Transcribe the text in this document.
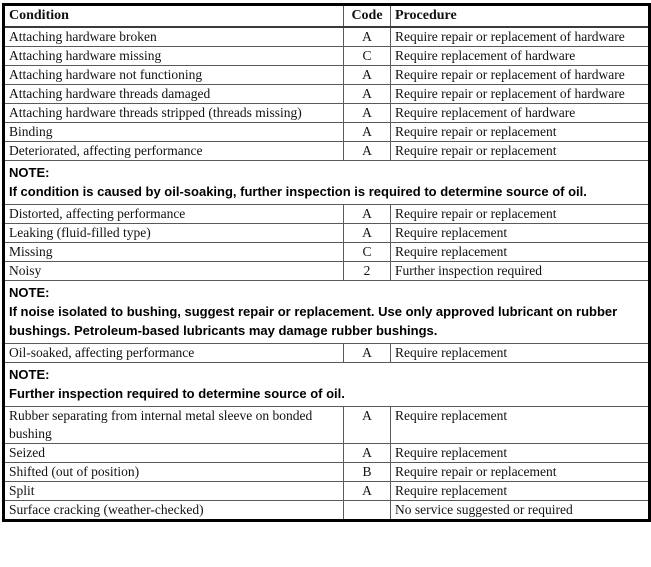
Condition	Code	Procedure
Attaching hardware broken	A	Require repair or replacement of hardware
Attaching hardware missing	C	Require replacement of hardware
Attaching hardware not functioning	A	Require repair or replacement of hardware
Attaching hardware threads damaged	A	Require repair or replacement of hardware
Attaching hardware threads stripped (threads missing)	A	Require replacement of hardware
Binding	A	Require repair or replacement
Deteriorated, affecting performance	A	Require repair or replacement

NOTE:
If condition is caused by oil-soaking, further inspection is required to determine source of oil.		

Distorted, affecting performance	A	Require repair or replacement
Leaking (fluid-filled type)	A	Require replacement
Missing	C	Require replacement
Noisy	2	Further inspection required

NOTE:
If noise isolated to bushing, suggest repair or replacement. Use only approved lubricant on rubber bushings. Petroleum-based lubricants may damage rubber bushings.		

Oil-soaked, affecting performance	A	Require replacement

NOTE:
Further inspection required to determine source of oil.		

Rubber separating from internal metal sleeve on bonded bushing	A	Require replacement
Seized	A	Require replacement
Shifted (out of position)	B	Require repair or replacement
Split	A	Require replacement
Surface cracking (weather-checked)		No service suggested or required
